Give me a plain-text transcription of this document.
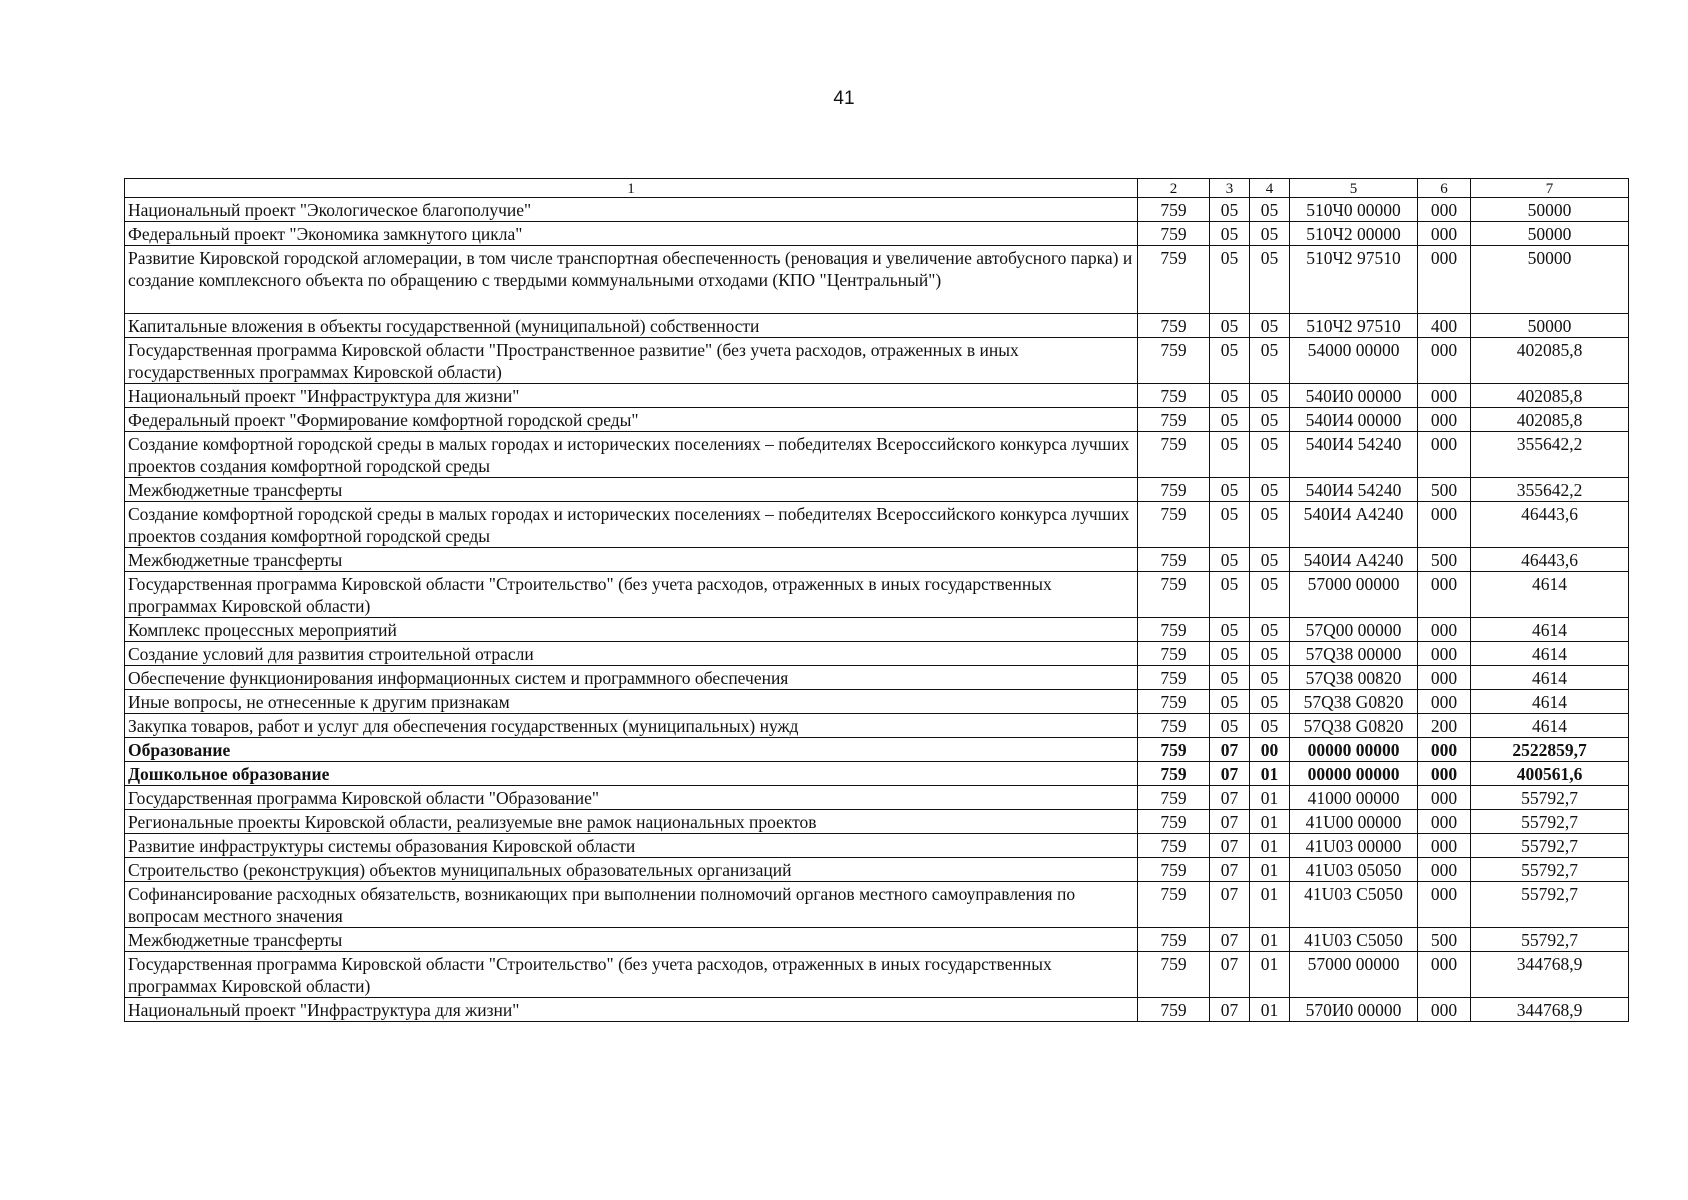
41
1	2	3	4	5	6	7
Национальный проект "Экологическое благополучие"	759	05	05	510Ч0 00000	000	50000
Федеральный проект "Экономика замкнутого цикла"	759	05	05	510Ч2 00000	000	50000
Развитие Кировской городской агломерации, в том числе транспортная обеспеченность (реновация и увеличение автобусного парка) и создание комплексного объекта по обращению с твердыми коммунальными отходами (КПО "Центральный")	759	05	05	510Ч2 97510	000	50000
Капитальные вложения в объекты государственной (муниципальной) собственности	759	05	05	510Ч2 97510	400	50000
Государственная программа Кировской области "Пространственное развитие" (без учета расходов, отраженных в иных государственных программах Кировской области)	759	05	05	54000 00000	000	402085,8
Национальный проект "Инфраструктура для жизни"	759	05	05	540И0 00000	000	402085,8
Федеральный проект "Формирование комфортной городской среды"	759	05	05	540И4 00000	000	402085,8
Создание комфортной городской среды в малых городах и исторических поселениях – победителях Всероссийского конкурса лучших проектов создания комфортной городской среды	759	05	05	540И4 54240	000	355642,2
Межбюджетные трансферты	759	05	05	540И4 54240	500	355642,2
Создание комфортной городской среды в малых городах и исторических поселениях – победителях Всероссийского конкурса лучших проектов создания комфортной городской среды	759	05	05	540И4 А4240	000	46443,6
Межбюджетные трансферты	759	05	05	540И4 А4240	500	46443,6
Государственная программа Кировской области "Строительство" (без учета расходов, отраженных в иных государственных программах Кировской области)	759	05	05	57000 00000	000	4614
Комплекс процессных мероприятий	759	05	05	57Q00 00000	000	4614
Создание условий для развития строительной отрасли	759	05	05	57Q38 00000	000	4614
Обеспечение функционирования информационных систем и программного обеспечения	759	05	05	57Q38 00820	000	4614
Иные вопросы, не отнесенные к другим признакам	759	05	05	57Q38 G0820	000	4614
Закупка товаров, работ и услуг для обеспечения государственных (муниципальных) нужд	759	05	05	57Q38 G0820	200	4614
Образование	759	07	00	00000 00000	000	2522859,7
Дошкольное образование	759	07	01	00000 00000	000	400561,6
Государственная программа Кировской области "Образование"	759	07	01	41000 00000	000	55792,7
Региональные проекты Кировской области, реализуемые вне рамок национальных проектов	759	07	01	41U00 00000	000	55792,7
Развитие инфраструктуры системы образования Кировской области	759	07	01	41U03 00000	000	55792,7
Строительство (реконструкция) объектов муниципальных образовательных организаций	759	07	01	41U03 05050	000	55792,7
Софинансирование расходных обязательств, возникающих при выполнении полномочий органов местного самоуправления по вопросам местного значения	759	07	01	41U03 C5050	000	55792,7
Межбюджетные трансферты	759	07	01	41U03 C5050	500	55792,7
Государственная программа Кировской области "Строительство" (без учета расходов, отраженных в иных государственных программах Кировской области)	759	07	01	57000 00000	000	344768,9
Национальный проект "Инфраструктура для жизни"	759	07	01	570И0 00000	000	344768,9
